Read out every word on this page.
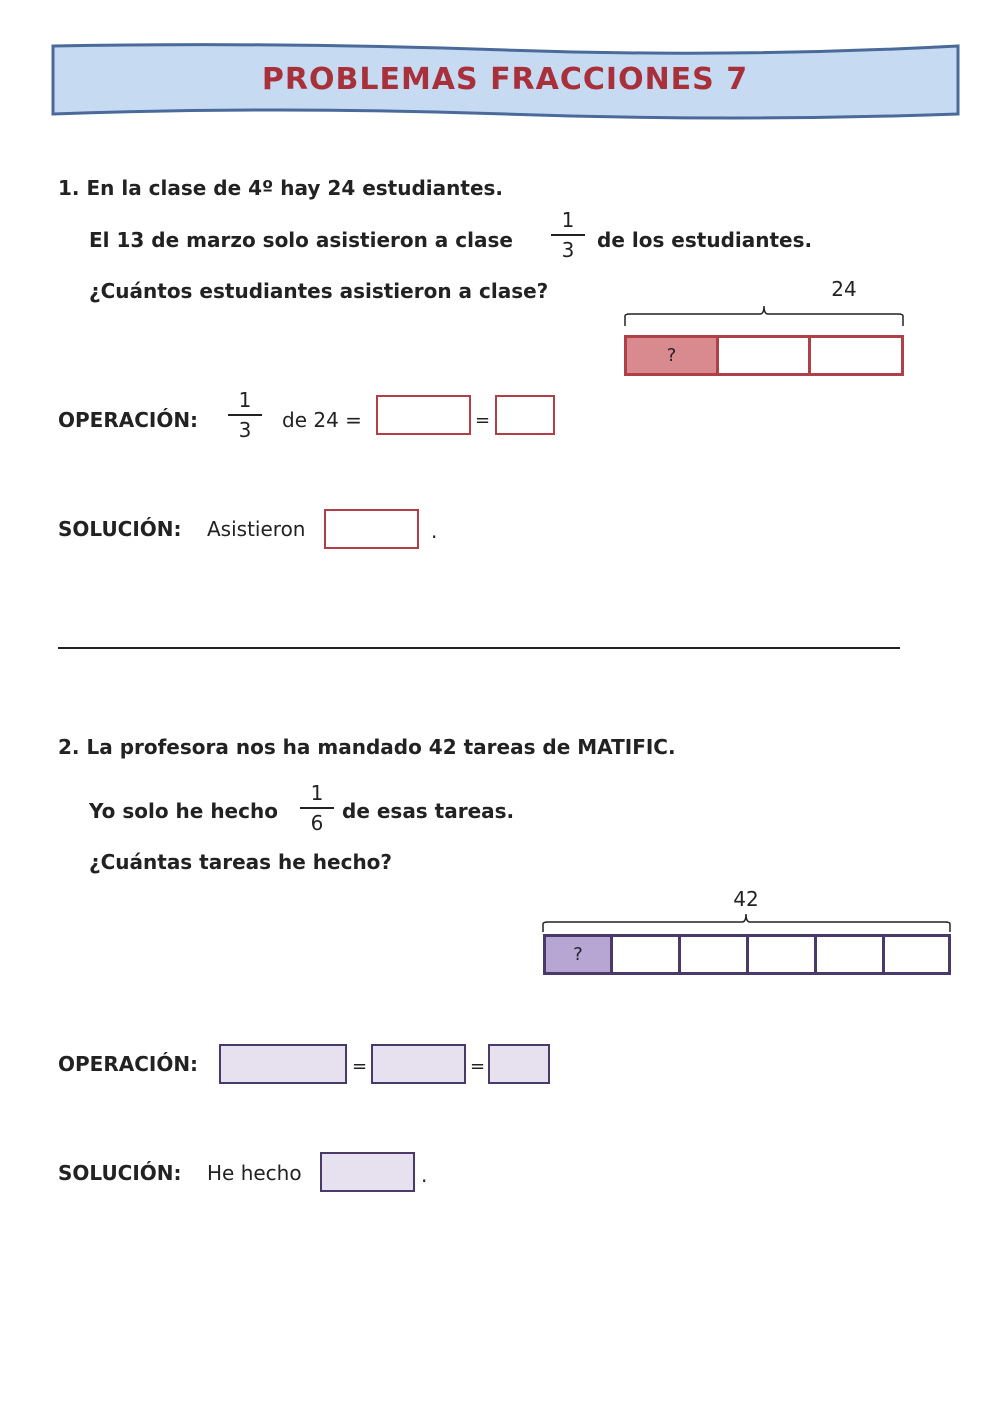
PROBLEMAS FRACCIONES 7
1. En la clase de 4º hay 24 estudiantes.
El 13 de marzo solo asistieron a clase
1
3	de los estudiantes.
¿Cuántos estudiantes asistieron a clase?	24
?
OPERACIÓN:
1
3	de 24 =	=
SOLUCIÓN: Asistieron	.
2. La profesora nos ha mandado 42 tareas de MATIFIC.
Yo solo he hecho
1
6 de esas tareas.
¿Cuántas tareas he hecho?
42
?
OPERACIÓN:	=	=
SOLUCIÓN: He hecho	.
